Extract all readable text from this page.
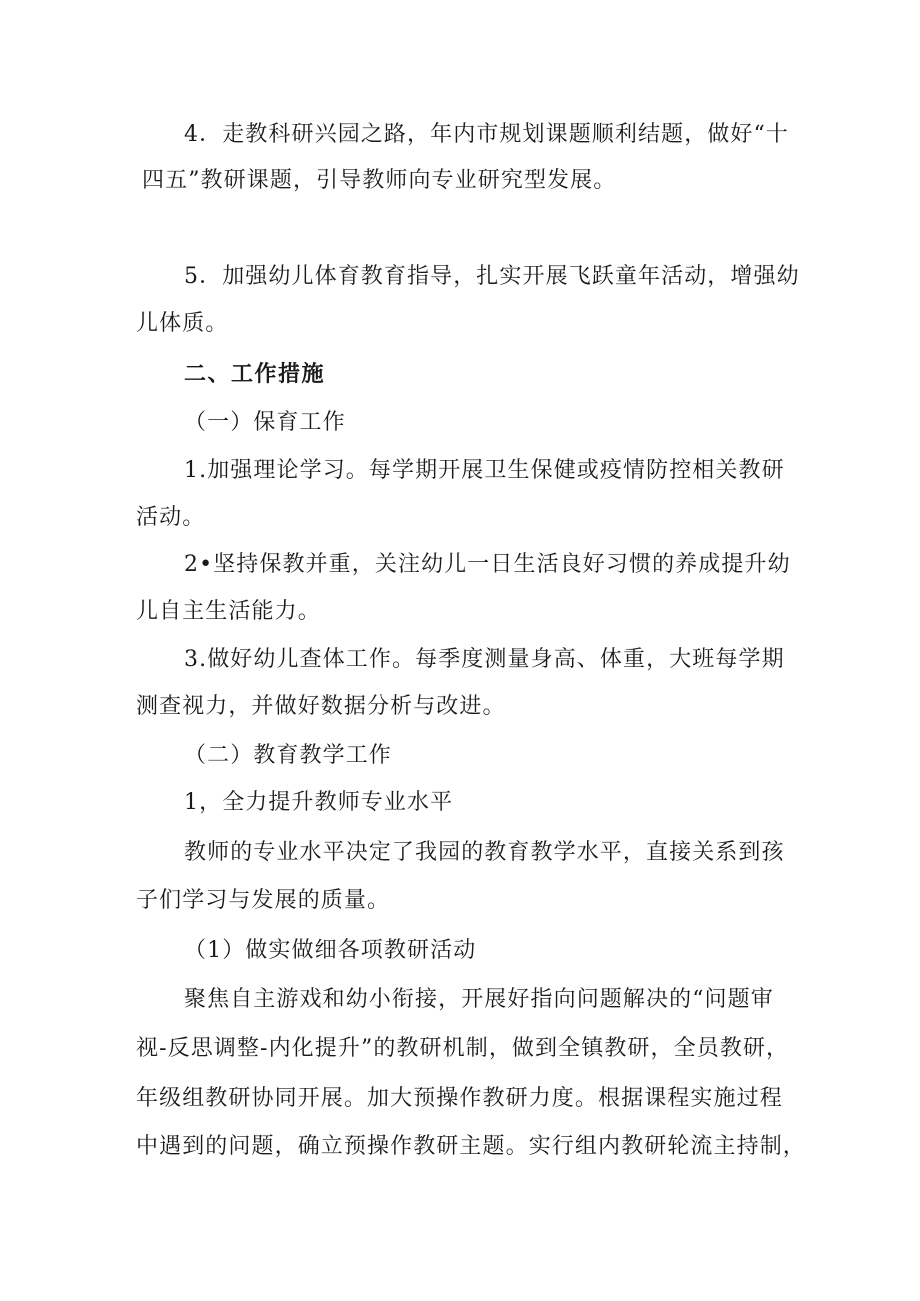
4．走教科研兴园之路，年内市规划课题顺利结题，做好“十
四五”教研课题，引导教师向专业研究型发展。
5．加强幼儿体育教育指导，扎实开展飞跃童年活动，增强幼
儿体质。
二、工作措施
（一）保育工作
1.加强理论学习。每学期开展卫生保健或疫情防控相关教研
活动。
2•坚持保教并重，关注幼儿一日生活良好习惯的养成提升幼
儿自主生活能力。
3.做好幼儿查体工作。每季度测量身高、体重，大班每学期
测查视力，并做好数据分析与改进。
（二）教育教学工作
1，全力提升教师专业水平
教师的专业水平决定了我园的教育教学水平，直接关系到孩
子们学习与发展的质量。
（1）做实做细各项教研活动
聚焦自主游戏和幼小衔接，开展好指向问题解决的“问题审
视-反思调整-内化提升”的教研机制，做到全镇教研，全员教研，
年级组教研协同开展。加大预操作教研力度。根据课程实施过程
中遇到的问题，确立预操作教研主题。实行组内教研轮流主持制，
